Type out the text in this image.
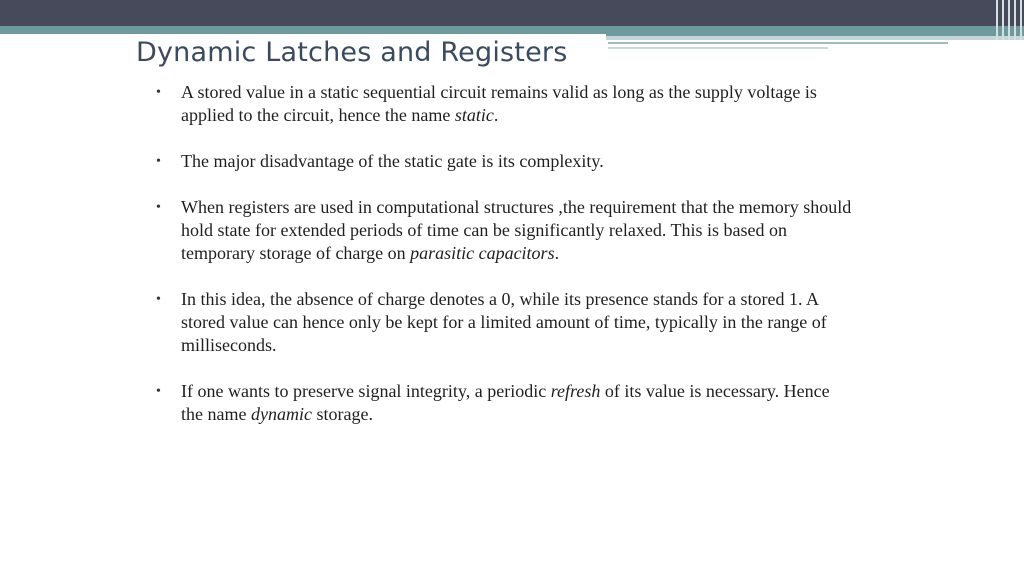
Dynamic Latches and Registers
• A stored value in a static sequential circuit remains valid as long as the supply voltage is applied to the circuit, hence the name static.
• The major disadvantage of the static gate is its complexity.
• When registers are used in computational structures ,the requirement that the memory should hold state for extended periods of time can be significantly relaxed. This is based on temporary storage of charge on parasitic capacitors.
• In this idea, the absence of charge denotes a 0, while its presence stands for a stored 1. A stored value can hence only be kept for a limited amount of time, typically in the range of milliseconds.
• If one wants to preserve signal integrity, a periodic refresh of its value is necessary. Hence the name dynamic storage.
